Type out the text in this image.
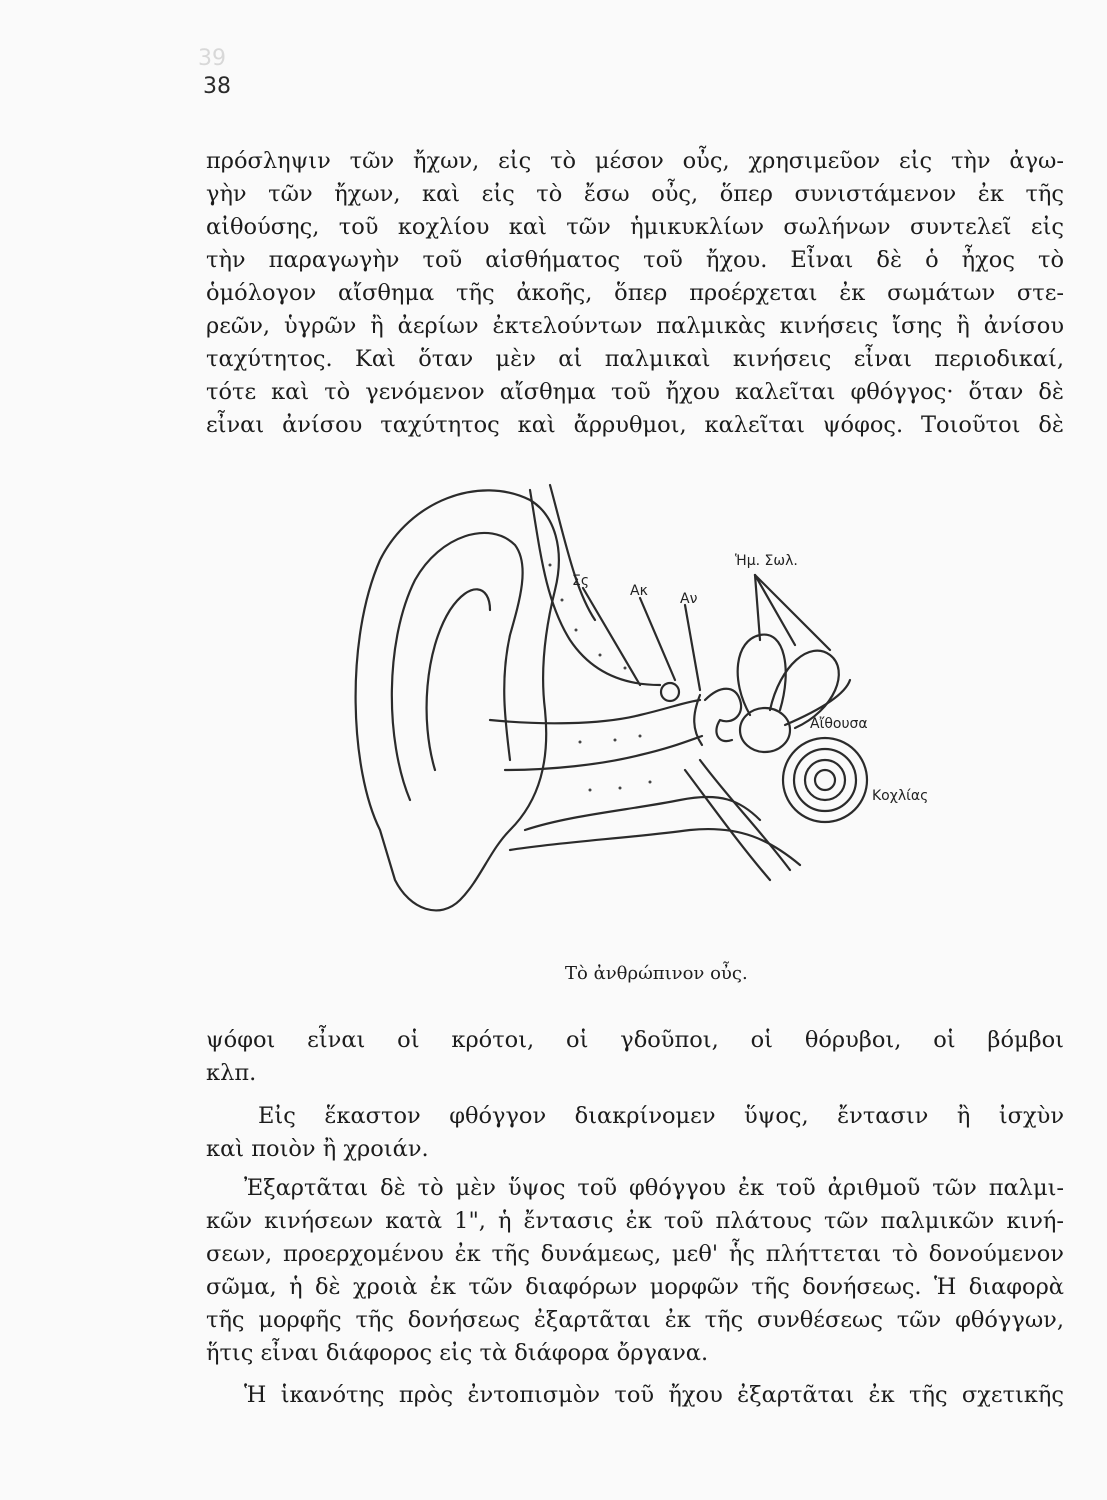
39
38
πρόσληψιν τῶν ἤχων, εἰς τὸ μέσον οὖς, χρησιμεῦον εἰς τὴν ἀγω-
γὴν τῶν ἤχων, καὶ εἰς τὸ ἔσω οὖς, ὅπερ συνιστάμενον ἐκ τῆς
αἰθούσης, τοῦ κοχλίου καὶ τῶν ἡμικυκλίων σωλήνων συντελεῖ εἰς
τὴν παραγωγὴν τοῦ αἰσθήματος τοῦ ἤχου. Εἶναι δὲ ὁ ἦχος τὸ
ὁμόλογον αἴσθημα τῆς ἀκοῆς, ὅπερ προέρχεται ἐκ σωμάτων στε-
ρεῶν, ὑγρῶν ἢ ἀερίων ἐκτελούντων παλμικὰς κινήσεις ἴσης ἢ ἀνίσου
ταχύτητος. Καὶ ὅταν μὲν αἱ παλμικαὶ κινήσεις εἶναι περιοδικαί,
τότε καὶ τὸ γενόμενον αἴσθημα τοῦ ἤχου καλεῖται φθόγγος· ὅταν δὲ
εἶναι ἀνίσου ταχύτητος καὶ ἄρρυθμοι, καλεῖται ψόφος. Τοιοῦτοι δὲ
Ἡμ. Σωλ.
Σς
Ακ Αν
Αἴθουσα
Κοχλίας
Τὸ ἀνθρώπινον οὖς.
ψόφοι εἶναι οἱ κρότοι, οἱ γδοῦποι, οἱ θόρυβοι, οἱ βόμβοι
κλπ.
Εἰς ἕκαστον φθόγγον διακρίνομεν ὕψος, ἔντασιν ἢ ἰσχὺν
καὶ ποιὸν ἢ χροιάν.
Ἐξαρτᾶται δὲ τὸ μὲν ὕψος τοῦ φθόγγου ἐκ τοῦ ἀριθμοῦ τῶν παλμι-
κῶν κινήσεων κατὰ 1", ἡ ἔντασις ἐκ τοῦ πλάτους τῶν παλμικῶν κινή-
σεων, προερχομένου ἐκ τῆς δυνάμεως, μεθ' ἧς πλήττεται τὸ δονούμενον
σῶμα, ἡ δὲ χροιὰ ἐκ τῶν διαφόρων μορφῶν τῆς δονήσεως. Ἡ διαφορὰ
τῆς μορφῆς τῆς δονήσεως ἐξαρτᾶται ἐκ τῆς συνθέσεως τῶν φθόγγων,
ἥτις εἶναι διάφορος εἰς τὰ διάφορα ὄργανα.
Ἡ ἱκανότης πρὸς ἐντοπισμὸν τοῦ ἤχου ἐξαρτᾶται ἐκ τῆς σχετικῆς
